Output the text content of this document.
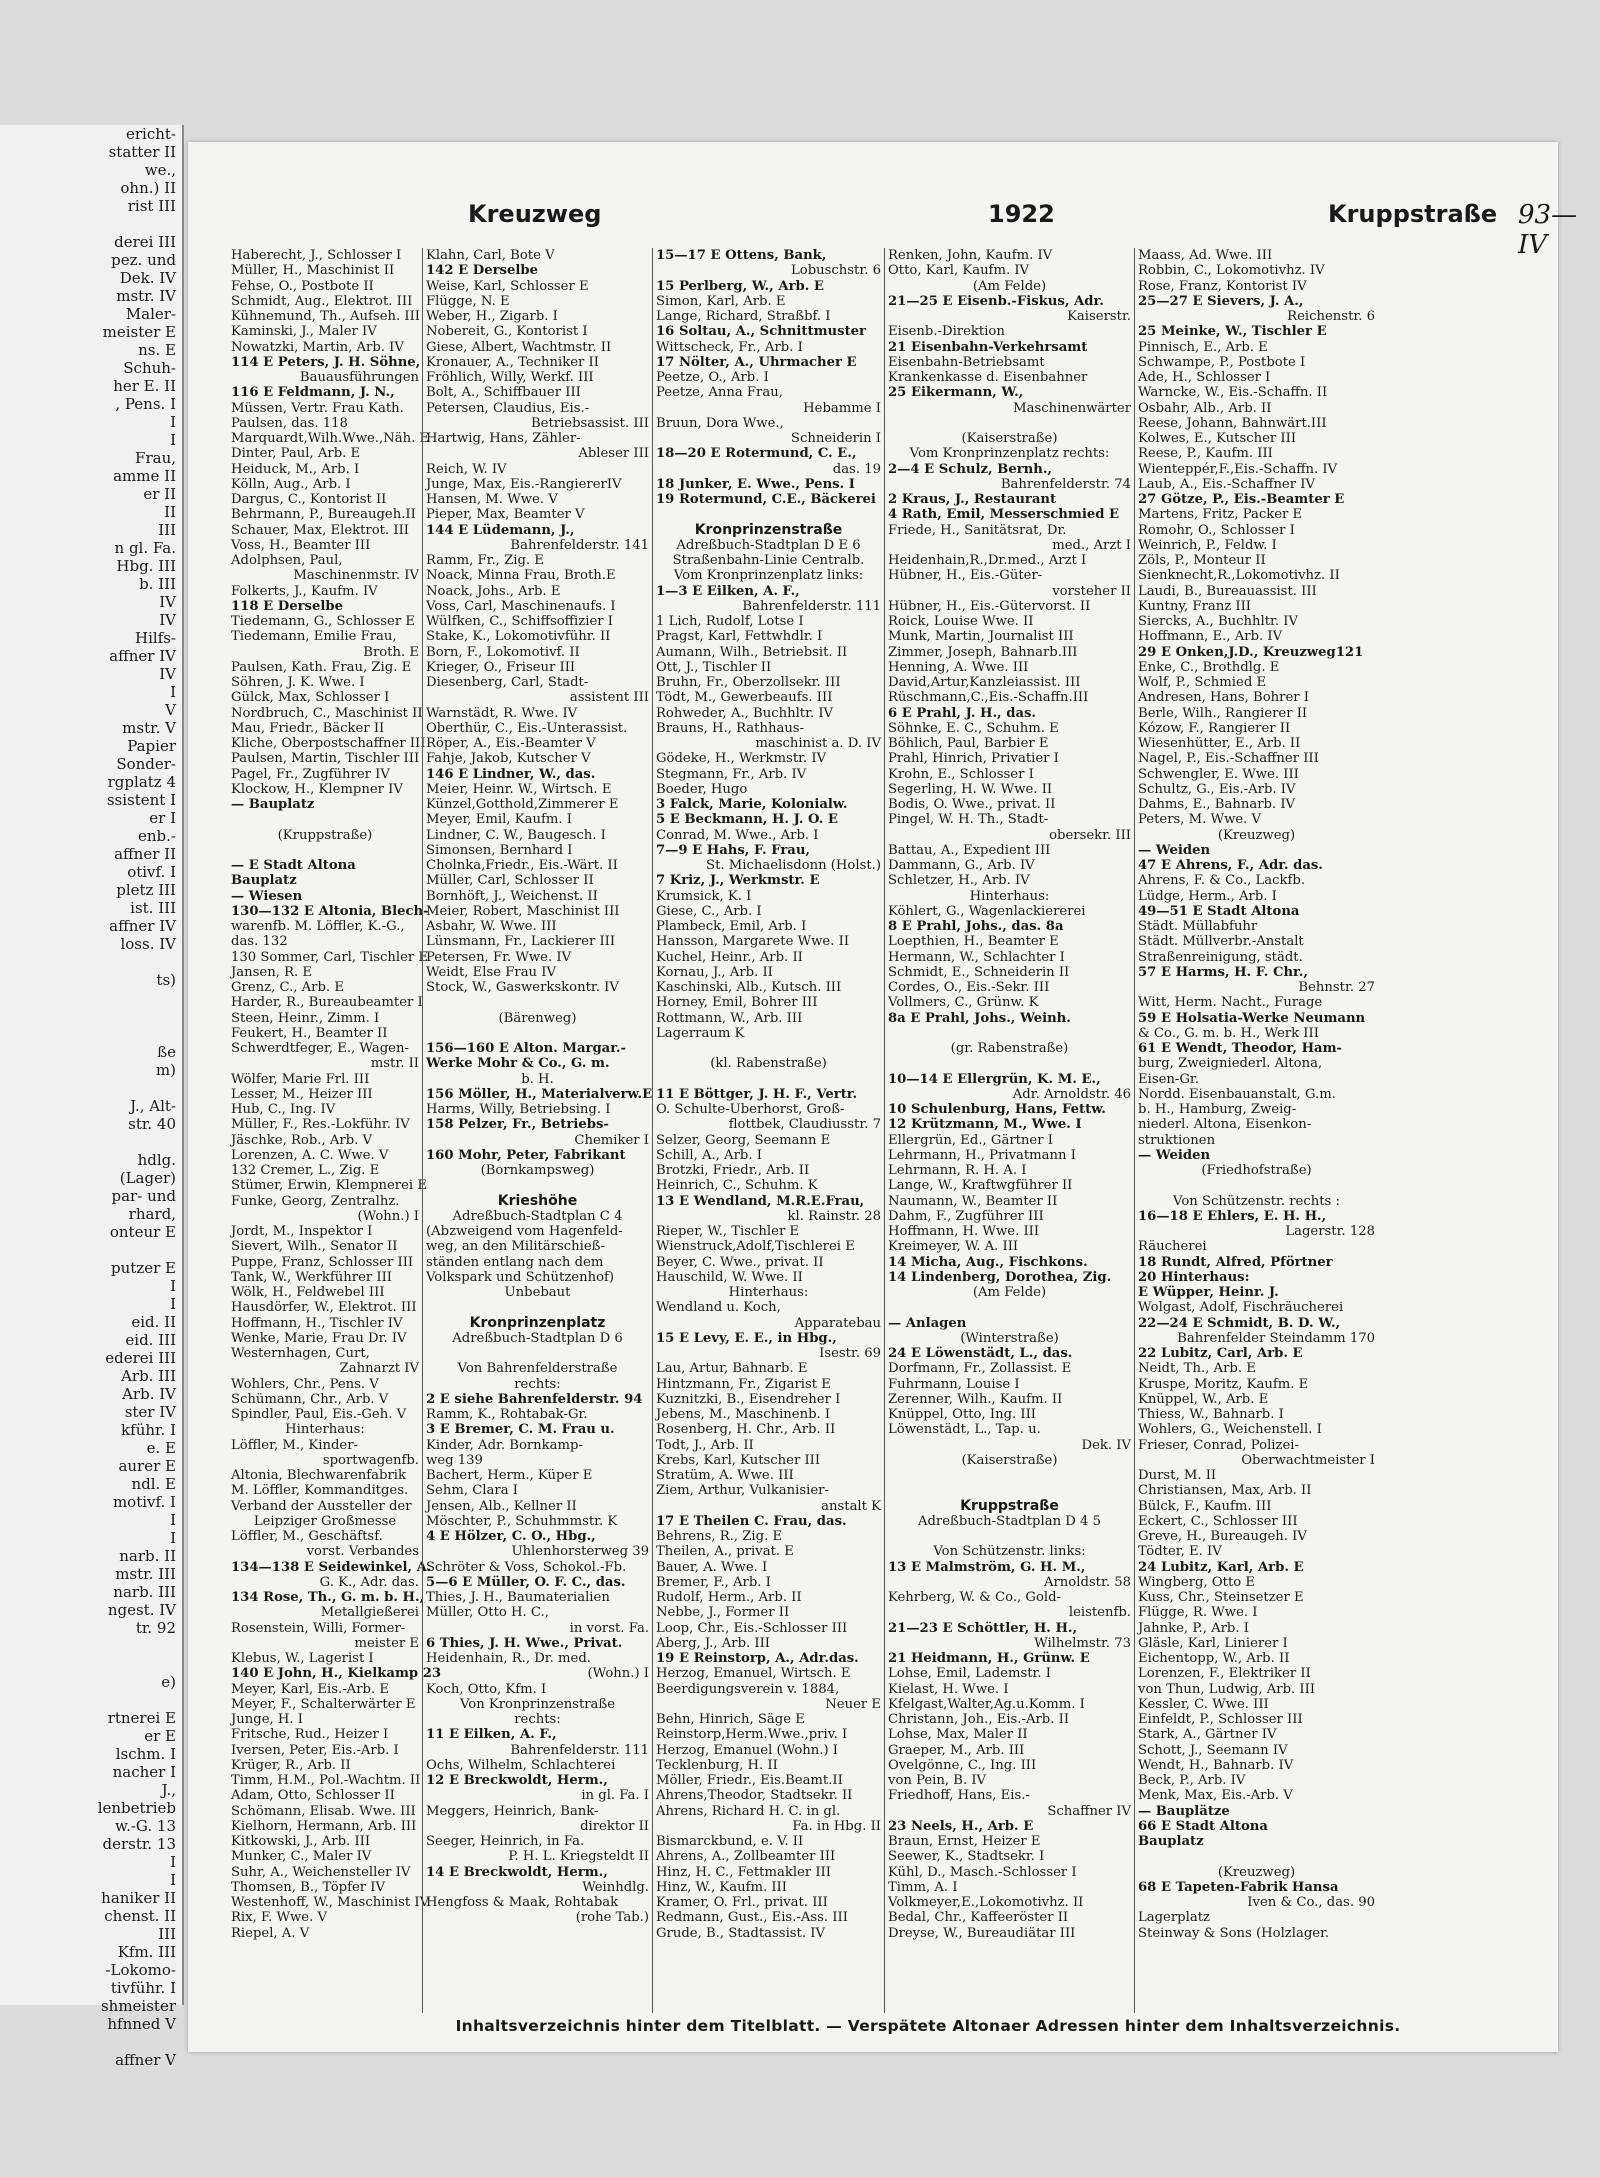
ericht-
statter II
we.,
ohn.) II
rist III

derei III
pez. und
Dek. IV
mstr. IV
Maler-
meister E
ns. E
Schuh-
her E. II
, Pens. I
I
I
Frau,
amme II
er II
II
III
n gl. Fa.
Hbg. III
b. III
IV
IV
Hilfs-
affner IV
IV
I
V
mstr. V
Papier
Sonder-
rgplatz 4
ssistent I
er I
enb.-
affner II
otivf. I
pletz III
ist. III
affner IV
loss. IV

ts)

ße
m)

J., Alt-
str. 40

hdlg.
(Lager)
par- und
rhard,
onteur E

putzer E
I
I
eid. II
eid. III
ederei III
Arb. III
Arb. IV
ster IV
kführ. I
e. E
aurer E
ndl. E
motivf. I
I
I
narb. II
mstr. III
narb. III
ngest. IV
tr. 92

e)

rtnerei E
er E
lschm. I
nacher I
J.,
lenbetrieb
w.-G. 13
derstr. 13
I
I
haniker II
chenst. II
III
Kfm. III
-Lokomo-
tivführ. I
shmeister
hfnned V

affner V
Kreuzweg	1922	Kruppstraße 93—IV
Haberecht, J., Schlosser I
Müller, H., Maschinist II
Fehse, O., Postbote II
Schmidt, Aug., Elektrot. III
Kühnemund, Th., Aufseh. III
Kaminski, J., Maler IV
Nowatzki, Martin, Arb. IV
114 E Peters, J. H. Söhne,
Bauausführungen
116 E Feldmann, J. N.,
Müssen, Vertr. Frau Kath.
Paulsen, das. 118
Marquardt,Wilh.Wwe.,Näh. E
Dinter, Paul, Arb. E
Heiduck, M., Arb. I
Kölln, Aug., Arb. I
Dargus, C., Kontorist II
Behrmann, P., Bureaugeh.II
Schauer, Max, Elektrot. III
Voss, H., Beamter III
Adolphsen, Paul,
Maschinenmstr. IV
Folkerts, J., Kaufm. IV
118 E Derselbe
Tiedemann, G., Schlosser E
Tiedemann, Emilie Frau,
Broth. E
Paulsen, Kath. Frau, Zig. E
Söhren, J. K. Wwe. I
Gülck, Max, Schlosser I
Nordbruch, C., Maschinist II
Mau, Friedr., Bäcker II
Kliche, Oberpostschaffner III
Paulsen, Martin, Tischler III
Pagel, Fr., Zugführer IV
Klockow, H., Klempner IV
— Bauplatz

(Kruppstraße)

— E Stadt Altona
Bauplatz
— Wiesen
130—132 E Altonia, Blech-
warenfb. M. Löffler, K.-G.,
das. 132
130 Sommer, Carl, Tischler E
Jansen, R. E
Grenz, C., Arb. E
Harder, R., Bureaubeamter I
Steen, Heinr., Zimm. I
Feukert, H., Beamter II
Schwerdtfeger, E., Wagen-
mstr. II
Wölfer, Marie Frl. III
Lesser, M., Heizer III
Hub, C., Ing. IV
Müller, F., Res.-Lokführ. IV
Jäschke, Rob., Arb. V
Lorenzen, A. C. Wwe. V
132 Cremer, L., Zig. E
Stümer, Erwin, Klempnerei E
Funke, Georg, Zentralhz.
(Wohn.) I
Jordt, M., Inspektor I
Sievert, Wilh., Senator II
Puppe, Franz, Schlosser III
Tank, W., Werkführer III
Wölk, H., Feldwebel III
Hausdörfer, W., Elektrot. III
Hoffmann, H., Tischler IV
Wenke, Marie, Frau Dr. IV
Westernhagen, Curt,
Zahnarzt IV
Wohlers, Chr., Pens. V
Schümann, Chr., Arb. V
Spindler, Paul, Eis.-Geh. V
Hinterhaus:
Löffler, M., Kinder-
sportwagenfb.
Altonia, Blechwarenfabrik
M. Löffler, Kommanditges.
Verband der Aussteller der
Leipziger Großmesse
Löffler, M., Geschäftsf.
vorst. Verbandes
134—138 E Seidewinkel, A.
G. K., Adr. das.
134 Rose, Th., G. m. b. H.,
Metallgießerei
Rosenstein, Willi, Former-
meister E
Klebus, W., Lagerist I
140 E John, H., Kielkamp 23
Meyer, Karl, Eis.-Arb. E
Meyer, F., Schalterwärter E
Junge, H. I
Fritsche, Rud., Heizer I
Iversen, Peter, Eis.-Arb. I
Krüger, R., Arb. II
Timm, H.M., Pol.-Wachtm. II
Adam, Otto, Schlosser II
Schömann, Elisab. Wwe. III
Kielhorn, Hermann, Arb. III
Kitkowski, J., Arb. III
Munker, C., Maler IV
Suhr, A., Weichensteller IV
Thomsen, B., Töpfer IV
Westenhoff, W., Maschinist IV
Rix, F. Wwe. V
Riepel, A. V
Klahn, Carl, Bote V
142 E Derselbe
Weise, Karl, Schlosser E
Flügge, N. E
Weber, H., Zigarb. I
Nobereit, G., Kontorist I
Giese, Albert, Wachtmstr. II
Kronauer, A., Techniker II
Fröhlich, Willy, Werkf. III
Bolt, A., Schiffbauer III
Petersen, Claudius, Eis.-
Betriebsassist. III
Hartwig, Hans, Zähler-
Ableser III
Reich, W. IV
Junge, Max, Eis.-RangiererIV
Hansen, M. Wwe. V
Pieper, Max, Beamter V
144 E Lüdemann, J.,
Bahrenfelderstr. 141
Ramm, Fr., Zig. E
Noack, Minna Frau, Broth.E
Noack, Johs., Arb. E
Voss, Carl, Maschinenaufs. I
Wülfken, C., Schiffsoffizier I
Stake, K., Lokomotivführ. II
Born, F., Lokomotivf. II
Krieger, O., Friseur III
Diesenberg, Carl, Stadt-
assistent III
Warnstädt, R. Wwe. IV
Oberthür, C., Eis.-Unterassist.
Röper, A., Eis.-Beamter V
Fahje, Jakob, Kutscher V
146 E Lindner, W., das.
Meier, Heinr. W., Wirtsch. E
Künzel,Gotthold,Zimmerer E
Meyer, Emil, Kaufm. I
Lindner, C. W., Baugesch. I
Simonsen, Bernhard I
Cholnka,Friedr., Eis.-Wärt. II
Müller, Carl, Schlosser II
Bornhöft, J., Weichenst. II
Meier, Robert, Maschinist III
Asbahr, W. Wwe. III
Lünsmann, Fr., Lackierer III
Petersen, Fr. Wwe. IV
Weidt, Else Frau IV
Stock, W., Gaswerkskontr. IV

(Bärenweg)

156—160 E Alton. Margar.-
Werke Mohr & Co., G. m.
b. H.
156 Möller, H., Materialverw.E
Harms, Willy, Betriebsing. I
158 Pelzer, Fr., Betriebs-
Chemiker I
160 Mohr, Peter, Fabrikant
(Bornkampsweg)

Krieshöhe
Adreßbuch-Stadtplan C 4
(Abzweigend vom Hagenfeld-
weg, an den Militärschieß-
ständen entlang nach dem
Volkspark und Schützenhof)
Unbebaut

Kronprinzenplatz
Adreßbuch-Stadtplan D 6

Von Bahrenfelderstraße
rechts:
2 E siehe Bahrenfelderstr. 94
Ramm, K., Rohtabak-Gr.
3 E Bremer, C. M. Frau u.
Kinder, Adr. Bornkamp-
weg 139
Bachert, Herm., Küper E
Sehm, Clara I
Jensen, Alb., Kellner II
Möschter, P., Schuhmmstr. K
4 E Hölzer, C. O., Hbg.,
Uhlenhorsterweg 39
Schröter & Voss, Schokol.-Fb.
5—6 E Müller, O. F. C., das.
Thies, J. H., Baumaterialien
Müller, Otto H. C.,
in vorst. Fa.
6 Thies, J. H. Wwe., Privat.
Heidenhain, R., Dr. med.
(Wohn.) I
Koch, Otto, Kfm. I
Von Kronprinzenstraße
rechts:
11 E Eilken, A. F.,
Bahrenfelderstr. 111
Ochs, Wilhelm, Schlachterei
12 E Breckwoldt, Herm.,
in gl. Fa. I
Meggers, Heinrich, Bank-
direktor II
Seeger, Heinrich, in Fa.
P. H. L. Kriegsteldt II
14 E Breckwoldt, Herm.,
Weinhdlg.
Hengfoss & Maak, Rohtabak
(rohe Tab.)
15—17 E Ottens, Bank,
Lobuschstr. 6
15 Perlberg, W., Arb. E
Simon, Karl, Arb. E
Lange, Richard, Straßbf. I
16 Soltau, A., Schnittmuster
Wittscheck, Fr., Arb. I
17 Nölter, A., Uhrmacher E
Peetze, O., Arb. I
Peetze, Anna Frau,
Hebamme I
Bruun, Dora Wwe.,
Schneiderin I
18—20 E Rotermund, C. E.,
das. 19
18 Junker, E. Wwe., Pens. I
19 Rotermund, C.E., Bäckerei

Kronprinzenstraße
Adreßbuch-Stadtplan D E 6
Straßenbahn-Linie Centralb.
Vom Kronprinzenplatz links:
1—3 E Eilken, A. F.,
Bahrenfelderstr. 111
1 Lich, Rudolf, Lotse I
Pragst, Karl, Fettwhdlr. I
Aumann, Wilh., Betriebsit. II
Ott, J., Tischler II
Bruhn, Fr., Oberzollsekr. III
Tödt, M., Gewerbeaufs. III
Rohweder, A., Buchhltr. IV
Brauns, H., Rathhaus-
maschinist a. D. IV
Gödeke, H., Werkmstr. IV
Stegmann, Fr., Arb. IV
Boeder, Hugo
3 Falck, Marie, Kolonialw.
5 E Beckmann, H. J. O. E
Conrad, M. Wwe., Arb. I
7—9 E Hahs, F. Frau,
St. Michaelisdonn (Holst.)
7 Kriz, J., Werkmstr. E
Krumsick, K. I
Giese, C., Arb. I
Plambeck, Emil, Arb. I
Hansson, Margarete Wwe. II
Kuchel, Heinr., Arb. II
Kornau, J., Arb. II
Kaschinski, Alb., Kutsch. III
Horney, Emil, Bohrer III
Rottmann, W., Arb. III
Lagerraum K

(kl. Rabenstraße)

11 E Böttger, J. H. F., Vertr.
O. Schulte-Uberhorst, Groß-
flottbek, Claudiusstr. 7
Selzer, Georg, Seemann E
Schill, A., Arb. I
Brotzki, Friedr., Arb. II
Heinrich, C., Schuhm. K
13 E Wendland, M.R.E.Frau,
kl. Rainstr. 28
Rieper, W., Tischler E
Wienstruck,Adolf,Tischlerei E
Beyer, C. Wwe., privat. II
Hauschild, W. Wwe. II
Hinterhaus:
Wendland u. Koch,
Apparatebau
15 E Levy, E. E., in Hbg.,
Isestr. 69
Lau, Artur, Bahnarb. E
Hintzmann, Fr., Zigarist E
Kuznitzki, B., Eisendreher I
Jebens, M., Maschinenb. I
Rosenberg, H. Chr., Arb. II
Todt, J., Arb. II
Krebs, Karl, Kutscher III
Stratüm, A. Wwe. III
Ziem, Arthur, Vulkanisier-
anstalt K
17 E Theilen C. Frau, das.
Behrens, R., Zig. E
Theilen, A., privat. E
Bauer, A. Wwe. I
Bremer, F., Arb. I
Rudolf, Herm., Arb. II
Nebbe, J., Former II
Loop, Chr., Eis.-Schlosser III
Aberg, J., Arb. III
19 E Reinstorp, A., Adr.das.
Herzog, Emanuel, Wirtsch. E
Beerdigungsverein v. 1884,
Neuer E
Behn, Hinrich, Säge E
Reinstorp,Herm.Wwe.,priv. I
Herzog, Emanuel (Wohn.) I
Tecklenburg, H. II
Möller, Friedr., Eis.Beamt.II
Ahrens,Theodor, Stadtsekr. II
Ahrens, Richard H. C. in gl.
Fa. in Hbg. II
Bismarckbund, e. V. II
Ahrens, A., Zollbeamter III
Hinz, H. C., Fettmakler III
Hinz, W., Kaufm. III
Kramer, O. Frl., privat. III
Redmann, Gust., Eis.-Ass. III
Grude, B., Stadtassist. IV
Renken, John, Kaufm. IV
Otto, Karl, Kaufm. IV
(Am Felde)
21—25 E Eisenb.-Fiskus, Adr.
Kaiserstr.
Eisenb.-Direktion
21 Eisenbahn-Verkehrsamt
Eisenbahn-Betriebsamt
Krankenkasse d. Eisenbahner
25 Eikermann, W.,
Maschinenwärter

(Kaiserstraße)
Vom Kronprinzenplatz rechts:
2—4 E Schulz, Bernh.,
Bahrenfelderstr. 74
2 Kraus, J., Restaurant
4 Rath, Emil, Messerschmied E
Friede, H., Sanitätsrat, Dr.
med., Arzt I
Heidenhain,R.,Dr.med., Arzt I
Hübner, H., Eis.-Güter-
vorsteher II
Hübner, H., Eis.-Gütervorst. II
Roick, Louise Wwe. II
Munk, Martin, Journalist III
Zimmer, Joseph, Bahnarb.III
Henning, A. Wwe. III
David,Artur,Kanzleiassist. III
Rüschmann,C.,Eis.-Schaffn.III
6 E Prahl, J. H., das.
Söhnke, E. C., Schuhm. E
Böhlich, Paul, Barbier E
Prahl, Hinrich, Privatier I
Krohn, E., Schlosser I
Segerling, H. W. Wwe. II
Bodis, O. Wwe., privat. II
Pingel, W. H. Th., Stadt-
obersekr. III
Battau, A., Expedient III
Dammann, G., Arb. IV
Schletzer, H., Arb. IV
Hinterhaus:
Köhlert, G., Wagenlackiererei
8 E Prahl, Johs., das. 8a
Loepthien, H., Beamter E
Hermann, W., Schlachter I
Schmidt, E., Schneiderin II
Cordes, O., Eis.-Sekr. III
Vollmers, C., Grünw. K
8a E Prahl, Johs., Weinh.

(gr. Rabenstraße)

10—14 E Ellergrün, K. M. E.,
Adr. Arnoldstr. 46
10 Schulenburg, Hans, Fettw.
12 Krützmann, M., Wwe. I
Ellergrün, Ed., Gärtner I
Lehrmann, H., Privatmann I
Lehrmann, R. H. A. I
Lange, W., Kraftwgführer II
Naumann, W., Beamter II
Dahm, F., Zugführer III
Hoffmann, H. Wwe. III
Kreimeyer, W. A. III
14 Micha, Aug., Fischkons.
14 Lindenberg, Dorothea, Zig.
(Am Felde)

— Anlagen
(Winterstraße)
24 E Löwenstädt, L., das.
Dorfmann, Fr., Zollassist. E
Fuhrmann, Louise I
Zerenner, Wilh., Kaufm. II
Knüppel, Otto, Ing. III
Löwenstädt, L., Tap. u.
Dek. IV
(Kaiserstraße)

Kruppstraße
Adreßbuch-Stadtplan D 4 5

Von Schützenstr. links:
13 E Malmström, G. H. M.,
Arnoldstr. 58
Kehrberg, W. & Co., Gold-
leistenfb.
21—23 E Schöttler, H. H.,
Wilhelmstr. 73
21 Heidmann, H., Grünw. E
Lohse, Emil, Lademstr. I
Kielast, H. Wwe. I
Kfelgast,Walter,Ag.u.Komm. I
Christann, Joh., Eis.-Arb. II
Lohse, Max, Maler II
Graeper, M., Arb. III
Ovelgönne, C., Ing. III
von Pein, B. IV
Friedhoff, Hans, Eis.-
Schaffner IV
23 Neels, H., Arb. E
Braun, Ernst, Heizer E
Seewer, K., Stadtsekr. I
Kühl, D., Masch.-Schlosser I
Timm, A. I
Volkmeyer,E.,Lokomotivhz. II
Bedal, Chr., Kaffeeröster II
Dreyse, W., Bureaudiätar III
Maass, Ad. Wwe. III
Robbin, C., Lokomotivhz. IV
Rose, Franz, Kontorist IV
25—27 E Sievers, J. A.,
Reichenstr. 6
25 Meinke, W., Tischler E
Pinnisch, E., Arb. E
Schwampe, P., Postbote I
Ade, H., Schlosser I
Warncke, W., Eis.-Schaffn. II
Osbahr, Alb., Arb. II
Reese, Johann, Bahnwärt.III
Kolwes, E., Kutscher III
Reese, P., Kaufm. III
Wienteppér,F.,Eis.-Schaffn. IV
Laub, A., Eis.-Schaffner IV
27 Götze, P., Eis.-Beamter E
Martens, Fritz, Packer E
Romohr, O., Schlosser I
Weinrich, P., Feldw. I
Zöls, P., Monteur II
Sienknecht,R.,Lokomotivhz. II
Laudi, B., Bureauassist. III
Kuntny, Franz III
Siercks, A., Buchhltr. IV
Hoffmann, E., Arb. IV
29 E Onken,J.D., Kreuzweg121
Enke, C., Brothdlg. E
Wolf, P., Schmied E
Andresen, Hans, Bohrer I
Berle, Wilh., Rangierer II
Kózow, F., Rangierer II
Wiesenhütter, E., Arb. II
Nagel, P., Eis.-Schaffner III
Schwengler, E. Wwe. III
Schultz, G., Eis.-Arb. IV
Dahms, E., Bahnarb. IV
Peters, M. Wwe. V
(Kreuzweg)
— Weiden
47 E Ahrens, F., Adr. das.
Ahrens, F. & Co., Lackfb.
Lüdge, Herm., Arb. I
49—51 E Stadt Altona
Städt. Müllabfuhr
Städt. Müllverbr.-Anstalt
Straßenreinigung, städt.
57 E Harms, H. F. Chr.,
Behnstr. 27
Witt, Herm. Nacht., Furage
59 E Holsatia-Werke Neumann
& Co., G. m. b. H., Werk III
61 E Wendt, Theodor, Ham-
burg, Zweigniederl. Altona,
Eisen-Gr.
Nordd. Eisenbauanstalt, G.m.
b. H., Hamburg, Zweig-
niederl. Altona, Eisenkon-
struktionen
— Weiden
(Friedhofstraße)

Von Schützenstr. rechts :
16—18 E Ehlers, E. H. H.,
Lagerstr. 128
Räucherei
18 Rundt, Alfred, Pförtner
20 Hinterhaus:
E Wüpper, Heinr. J.
Wolgast, Adolf, Fischräucherei
22—24 E Schmidt, B. D. W.,
Bahrenfelder Steindamm 170
22 Lubitz, Carl, Arb. E
Neidt, Th., Arb. E
Kruspe, Moritz, Kaufm. E
Knüppel, W., Arb. E
Thiess, W., Bahnarb. I
Wohlers, G., Weichenstell. I
Frieser, Conrad, Polizei-
Oberwachtmeister I
Durst, M. II
Christiansen, Max, Arb. II
Bülck, F., Kaufm. III
Eckert, C., Schlosser III
Greve, H., Bureaugeh. IV
Tödter, E. IV
24 Lubitz, Karl, Arb. E
Wingberg, Otto E
Kuss, Chr., Steinsetzer E
Flügge, R. Wwe. I
Jahnke, P., Arb. I
Gläsle, Karl, Linierer I
Eichentopp, W., Arb. II
Lorenzen, F., Elektriker II
von Thun, Ludwig, Arb. III
Kessler, C. Wwe. III
Einfeldt, P., Schlosser III
Stark, A., Gärtner IV
Schott, J., Seemann IV
Wendt, H., Bahnarb. IV
Beck, P., Arb. IV
Menk, Max, Eis.-Arb. V
— Bauplätze
66 E Stadt Altona
Bauplatz

(Kreuzweg)
68 E Tapeten-Fabrik Hansa
Iven & Co., das. 90
Lagerplatz
Steinway & Sons (Holzlager.
Inhaltsverzeichnis hinter dem Titelblatt. — Verspätete Altonaer Adressen hinter dem Inhaltsverzeichnis.
